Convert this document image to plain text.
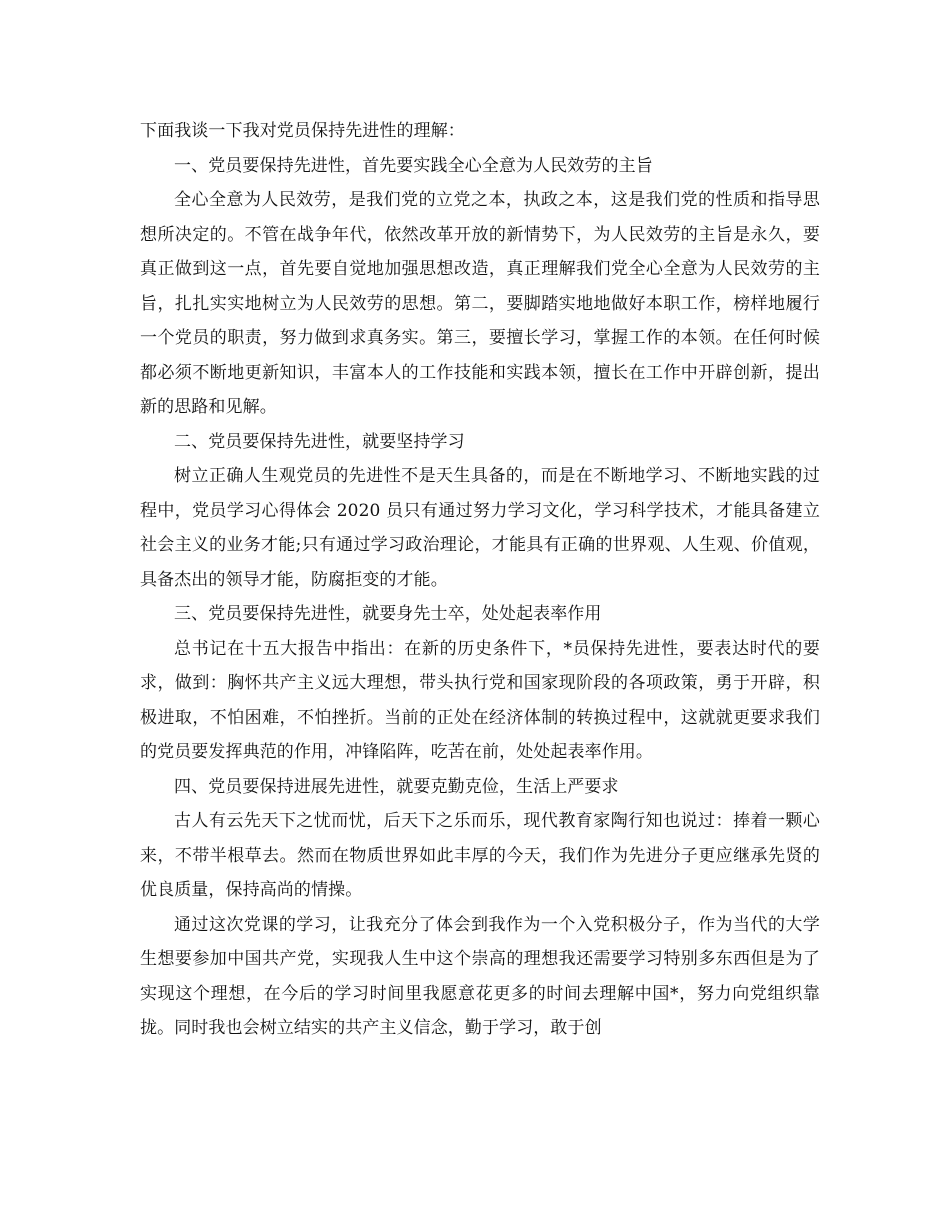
下面我谈一下我对党员保持先进性的理解：

一、党员要保持先进性，首先要实践全心全意为人民效劳的主旨

全心全意为人民效劳，是我们党的立党之本，执政之本，这是我们党的性质和指导思想所决定的。不管在战争年代，依然改革开放的新情势下，为人民效劳的主旨是永久，要真正做到这一点，首先要自觉地加强思想改造，真正理解我们党全心全意为人民效劳的主旨，扎扎实实地树立为人民效劳的思想。第二，要脚踏实地地做好本职工作，榜样地履行一个党员的职责，努力做到求真务实。第三，要擅长学习，掌握工作的本领。在任何时候都必须不断地更新知识，丰富本人的工作技能和实践本领，擅长在工作中开辟创新，提出新的思路和见解。

二、党员要保持先进性，就要坚持学习

树立正确人生观党员的先进性不是天生具备的，而是在不断地学习、不断地实践的过程中，党员学习心得体会 2020 员只有通过努力学习文化，学习科学技术，才能具备建立社会主义的业务才能;只有通过学习政治理论，才能具有正确的世界观、人生观、价值观，具备杰出的领导才能，防腐拒变的才能。

三、党员要保持先进性，就要身先士卒，处处起表率作用

总书记在十五大报告中指出：在新的历史条件下，*员保持先进性，要表达时代的要求，做到：胸怀共产主义远大理想，带头执行党和国家现阶段的各项政策，勇于开辟，积极进取，不怕困难，不怕挫折。当前的正处在经济体制的转换过程中，这就就更要求我们的党员要发挥典范的作用，冲锋陷阵，吃苦在前，处处起表率作用。

四、党员要保持进展先进性，就要克勤克俭，生活上严要求

古人有云先天下之忧而忧，后天下之乐而乐，现代教育家陶行知也说过：捧着一颗心来，不带半根草去。然而在物质世界如此丰厚的今天，我们作为先进分子更应继承先贤的优良质量，保持高尚的情操。

通过这次党课的学习，让我充分了体会到我作为一个入党积极分子，作为当代的大学生想要参加中国共产党，实现我人生中这个崇高的理想我还需要学习特别多东西但是为了实现这个理想，在今后的学习时间里我愿意花更多的时间去理解中国*，努力向党组织靠拢。同时我也会树立结实的共产主义信念，勤于学习，敢于创
